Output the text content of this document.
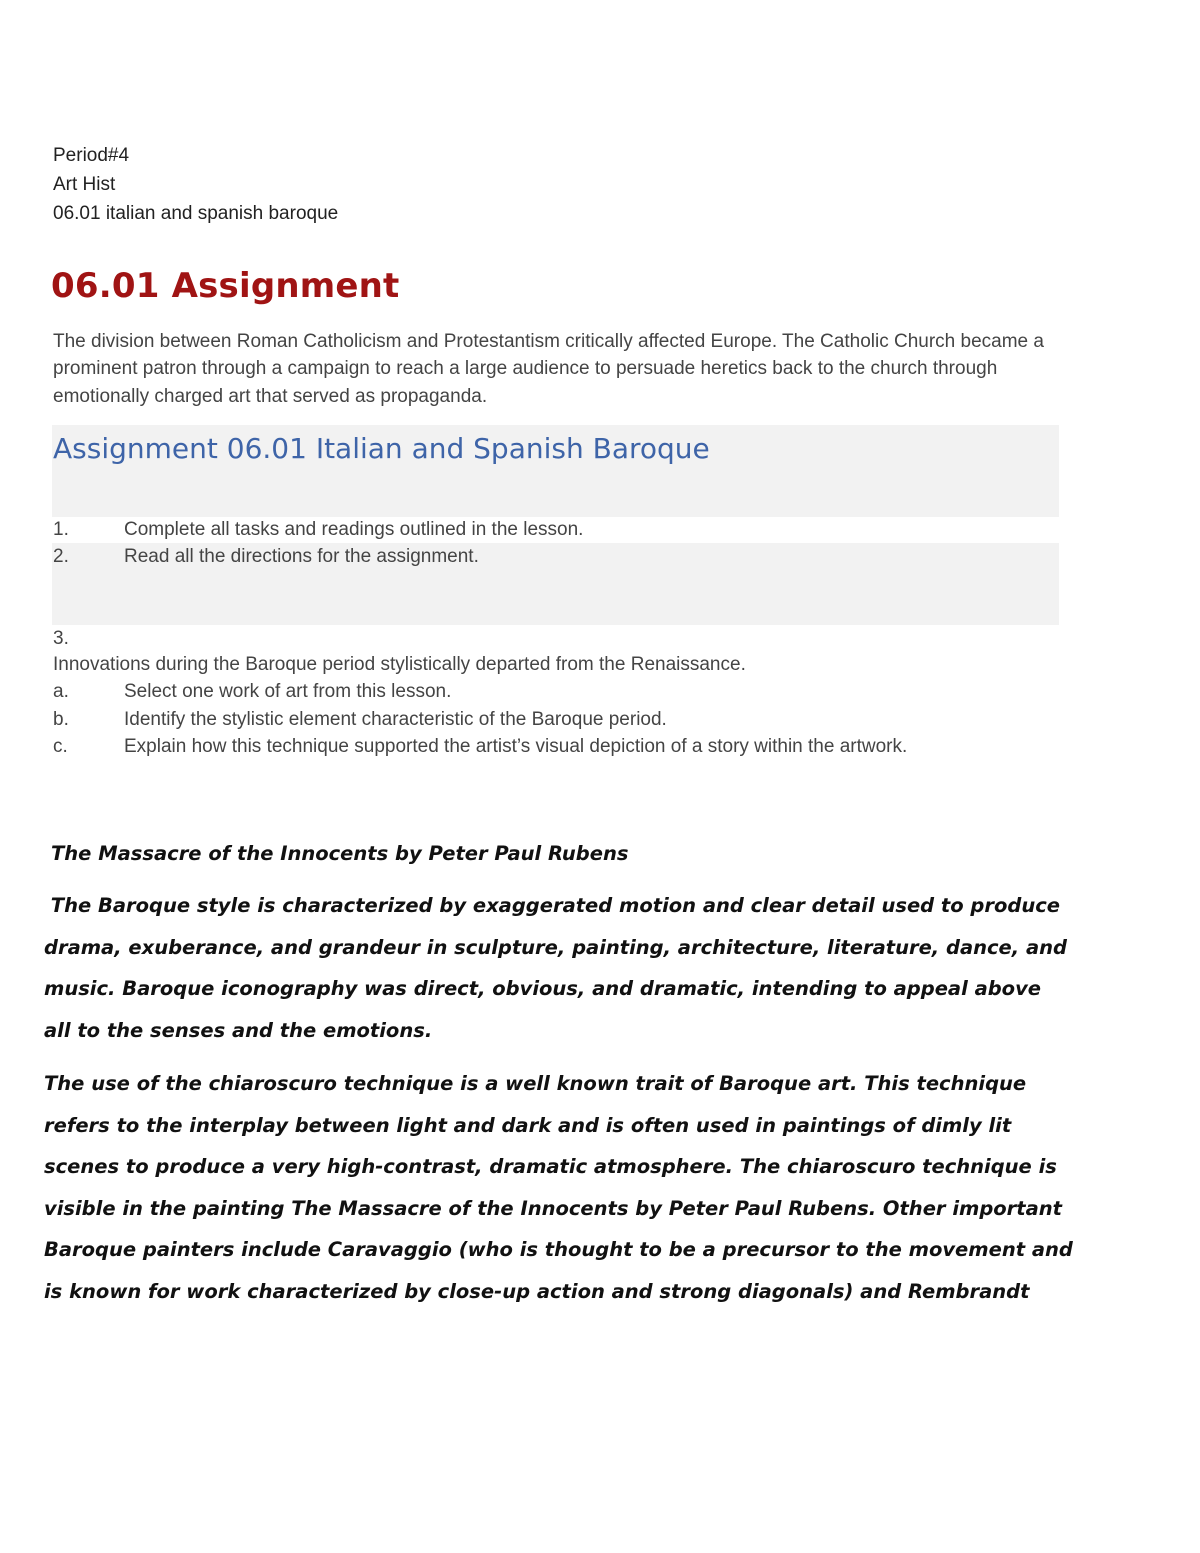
Period#4
Art Hist
06.01 italian and spanish baroque
06.01 Assignment
The division between Roman Catholicism and Protestantism critically affected Europe. The Catholic Church became a prominent patron through a campaign to reach a large audience to persuade heretics back to the church through emotionally charged art that served as propaganda.
Assignment 06.01 Italian and Spanish Baroque
1.	Complete all tasks and readings outlined in the lesson.
2.	Read all the directions for the assignment.
3.
Innovations during the Baroque period stylistically departed from the Renaissance.
a.	Select one work of art from this lesson.
b.	Identify the stylistic element characteristic of the Baroque period.
c.	Explain how this technique supported the artist’s visual depiction of a story within the artwork.
The Massacre of the Innocents by Peter Paul Rubens
The Baroque style is characterized by exaggerated motion and clear detail used to produce drama, exuberance, and grandeur in sculpture, painting, architecture, literature, dance, and music. Baroque iconography was direct, obvious, and dramatic, intending to appeal above all to the senses and the emotions.
The use of the chiaroscuro technique is a well known trait of Baroque art. This technique refers to the interplay between light and dark and is often used in paintings of dimly lit scenes to produce a very high-contrast, dramatic atmosphere. The chiaroscuro technique is visible in the painting The Massacre of the Innocents by Peter Paul Rubens. Other important Baroque painters include Caravaggio (who is thought to be a precursor to the movement and is known for work characterized by close-up action and strong diagonals) and Rembrandt
